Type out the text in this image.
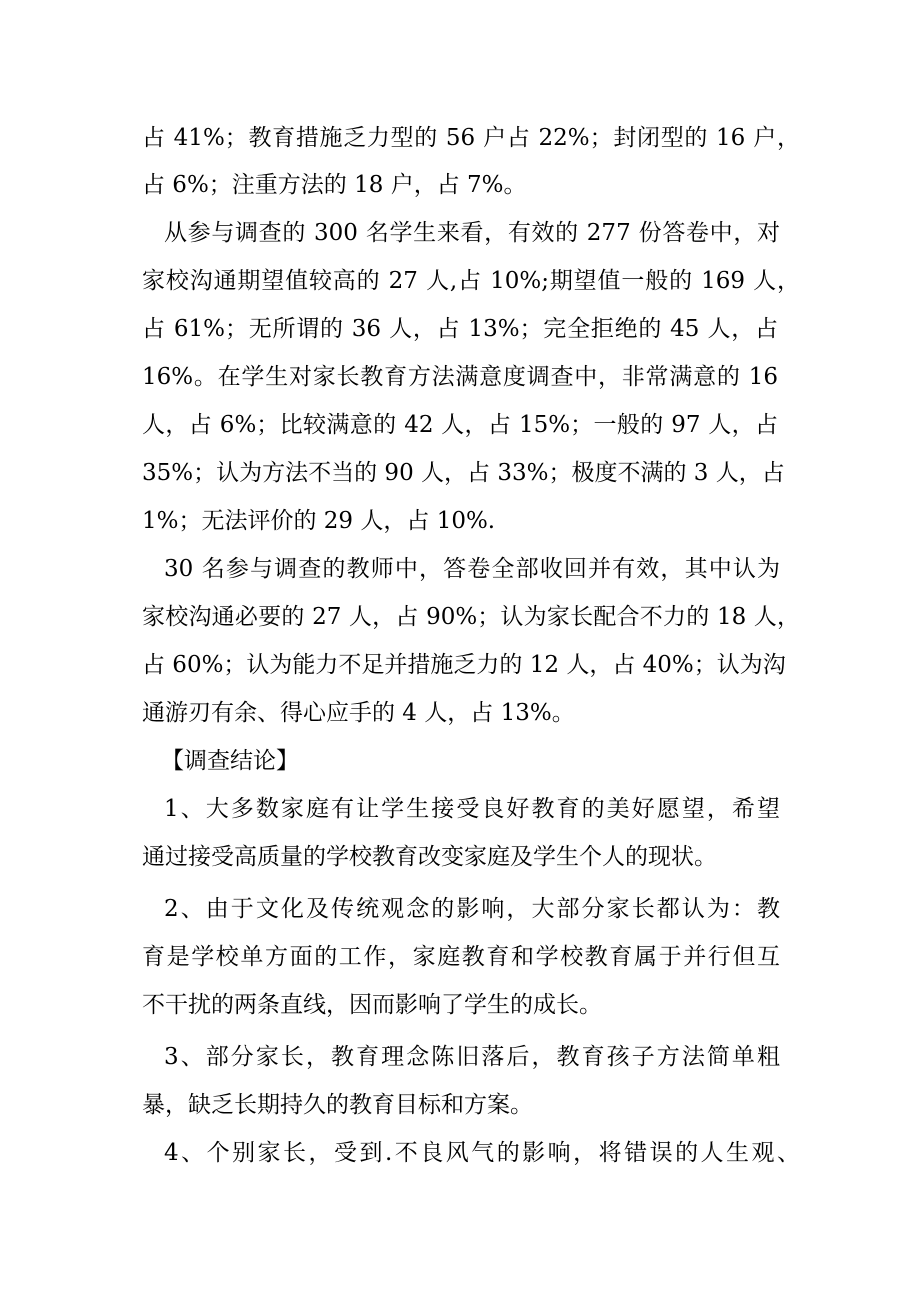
占 41%；教育措施乏力型的 56 户占 22%；封闭型的 16 户，
占 6%；注重方法的 18 户，占 7%。
从参与调查的 300 名学生来看，有效的 277 份答卷中，对
家校沟通期望值较高的 27 人,占 10%;期望值一般的 169 人，
占 61%；无所谓的 36 人，占 13%；完全拒绝的 45 人，占
16%。在学生对家长教育方法满意度调查中，非常满意的 16
人，占 6%；比较满意的 42 人，占 15%；一般的 97 人，占
35%；认为方法不当的 90 人，占 33%；极度不满的 3 人，占
1%；无法评价的 29 人，占 10%.
30 名参与调查的教师中，答卷全部收回并有效，其中认为
家校沟通必要的 27 人，占 90%；认为家长配合不力的 18 人，
占 60%；认为能力不足并措施乏力的 12 人，占 40%；认为沟
通游刃有余、得心应手的 4 人，占 13%。
【调查结论】
1、大多数家庭有让学生接受良好教育的美好愿望，希望
通过接受高质量的学校教育改变家庭及学生个人的现状。
2、由于文化及传统观念的影响，大部分家长都认为：教
育是学校单方面的工作，家庭教育和学校教育属于并行但互
不干扰的两条直线，因而影响了学生的成长。
3、部分家长，教育理念陈旧落后，教育孩子方法简单粗
暴，缺乏长期持久的教育目标和方案。
4、个别家长，受到.不良风气的影响，将错误的人生观、
